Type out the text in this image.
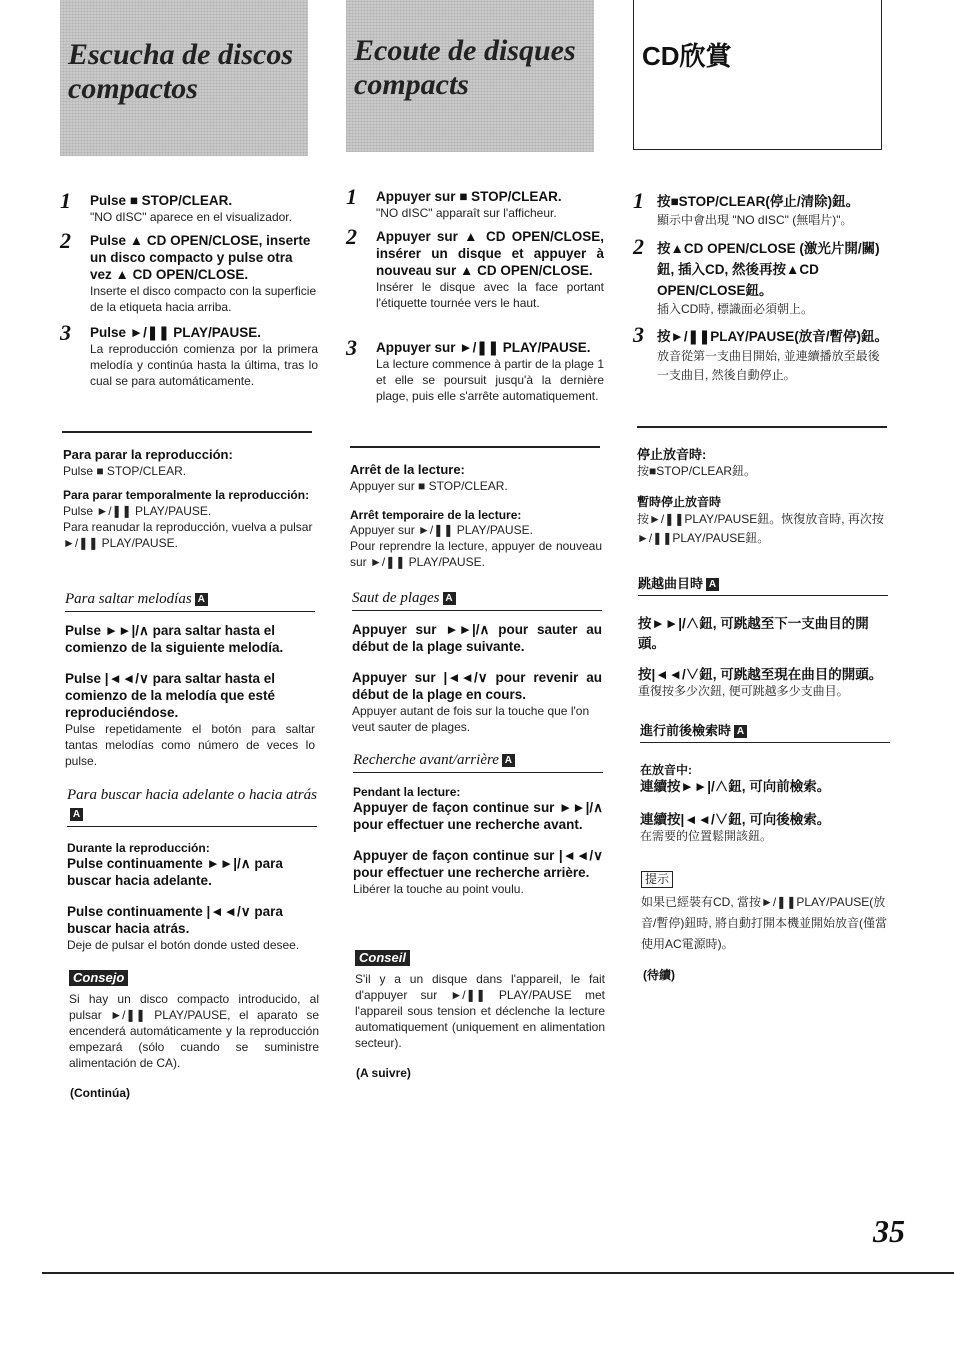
Escucha de discos
compactos
1 Pulse ■ STOP/CLEAR.
"NO dISC" aparece en el visualizador.
2 Pulse ▲ CD OPEN/CLOSE, inserte un disco compacto y pulse otra vez ▲ CD OPEN/CLOSE.
Inserte el disco compacto con la superficie de la etiqueta hacia arriba.
3 Pulse ►/❚❚ PLAY/PAUSE.
La reproducción comienza por la primera melodía y continúa hasta la última, tras lo cual se para automáticamente.
Para parar la reproducción:
Pulse ■ STOP/CLEAR.
Para parar temporalmente la reproducción:
Pulse ►/❚❚ PLAY/PAUSE.
Para reanudar la reproducción, vuelva a pulsar ►/❚❚ PLAY/PAUSE.
Para saltar melodías A
Pulse ►►|/∧ para saltar hasta el comienzo de la siguiente melodía.
Pulse |◄◄/∨ para saltar hasta el comienzo de la melodía que esté reproduciéndose.
Pulse repetidamente el botón para saltar tantas melodías como número de veces lo pulse.
Para buscar hacia adelante o hacia atrásA
Durante la reproducción:
Pulse continuamente ►►|/∧ para buscar hacia adelante.
Pulse continuamente |◄◄/∨ para buscar hacia atrás.
Deje de pulsar el botón donde usted desee.
Consejo
Si hay un disco compacto introducido, al pulsar ►/❚❚ PLAY/PAUSE, el aparato se encenderá automáticamente y la reproducción empezará (sólo cuando se suministre alimentación de CA).
(Continúa)
Ecoute de disques
compacts
1 Appuyer sur ■ STOP/CLEAR.
"NO dISC" apparaît sur l'afficheur.
2 Appuyer sur ▲ CD OPEN/CLOSE, insérer un disque et appuyer à nouveau sur ▲ CD OPEN/CLOSE.
Insérer le disque avec la face portant l'étiquette tournée vers le haut.
3 Appuyer sur ►/❚❚ PLAY/PAUSE.
La lecture commence à partir de la plage 1 et elle se poursuit jusqu'à la dernière plage, puis elle s'arrête automatiquement.
Arrêt de la lecture:
Appuyer sur ■ STOP/CLEAR.
Arrêt temporaire de la lecture:
Appuyer sur ►/❚❚ PLAY/PAUSE.
Pour reprendre la lecture, appuyer de nouveau sur ►/❚❚ PLAY/PAUSE.
Saut de plages A
Appuyer sur ►►|/∧ pour sauter au début de la plage suivante.
Appuyer sur |◄◄/∨ pour revenir au début de la plage en cours.
Appuyer autant de fois sur la touche que l'on veut sauter de plages.
Recherche avant/arrière A
Pendant la lecture:
Appuyer de façon continue sur ►►|/∧ pour effectuer une recherche avant.
Appuyer de façon continue sur |◄◄/∨ pour effectuer une recherche arrière.
Libérer la touche au point voulu.
Conseil
S'il y a un disque dans l'appareil, le fait d'appuyer sur ►/❚❚ PLAY/PAUSE met l'appareil sous tension et déclenche la lecture automatiquement (uniquement en alimentation secteur).
(A suivre)
CD欣賞
1 按■STOP/CLEAR(停止/清除)鈕。
顯示中會出現 "NO dISC" (無唱片)"。
2 按▲CD OPEN/CLOSE (激光片開/關) 鈕, 插入CD, 然後再按▲CD OPEN/CLOSE鈕。
插入CD時, 標識面必須朝上。
3 按►/❚❚PLAY/PAUSE(放音/暫停)鈕。
放音從第一支曲目開始, 並連續播放至最後一支曲目, 然後自動停止。
停止放音時:
按■STOP/CLEAR鈕。
暫時停止放音時
按►/❚❚PLAY/PAUSE鈕。恢復放音時, 再次按►/❚❚PLAY/PAUSE鈕。
跳越曲目時 A
按►►|/∧鈕, 可跳越至下一支曲目的開頭。
按|◄◄/∨鈕, 可跳越至現在曲目的開頭。
重復按多少次鈕, 便可跳越多少支曲目。
進行前後檢索時 A
在放音中:
連續按►►|/∧鈕, 可向前檢索。
連續按|◄◄/∨鈕, 可向後檢索。
在需要的位置鬆開該鈕。
提示
如果已經裝有CD, 當按►/❚❚PLAY/PAUSE(放音/暫停)鈕時, 將自動打開本機並開始放音(僅當使用AC電源時)。
(待續)
35
